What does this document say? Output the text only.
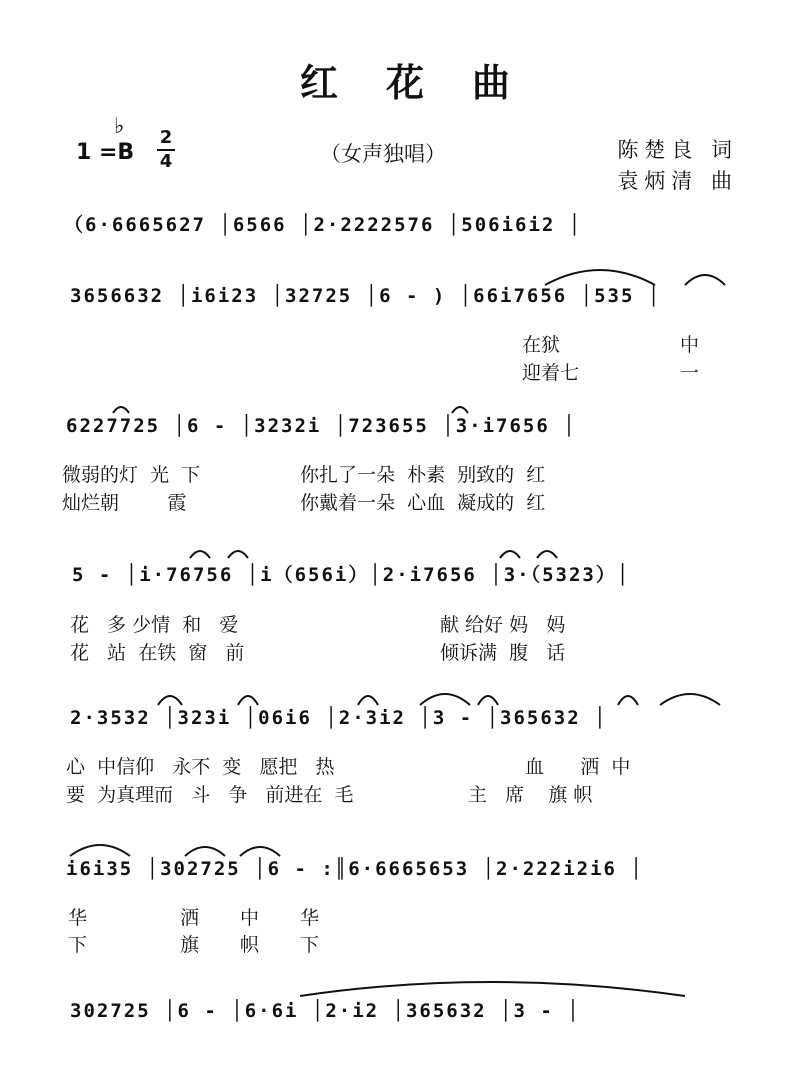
红花曲
♭
1 =B
2
4	（女声独唱）	陈楚良 词
袁炳清 曲
（6·6665627 │6566 │2·2222576 │506i6i2 │
3656632 │i6i23 │32725 │6 - ) │66i7656 │535 │
在狱	中
迎着七	一
6227725 │6 - │3232i │723655 │3·i7656 │
微弱的灯  光  下	你扎了一朵  朴素  别致的  红
灿烂朝        霞	你戴着一朵  心血  凝成的  红
5 - │i·76756 │i（656i）│2·i7656 │3·（5323）│
花   多 少情  和   爱	献 给好 妈   妈
花   站  在铁  窗   前	倾诉满  腹   话
2·3532 │323i │06i6 │2·3i2 │3 - │365632 │
心  中信仰   永不  变   愿把   热	血      洒  中
要  为真理而   斗   争   前进在  毛	主   席    旗 帜
i6i35 │302725 │6 - :║6·6665653 │2·222i2i6 │
华	洒 中 华
下	旗 帜 下
302725 │6 - │6·6i │2·i2 │365632 │3 - │
